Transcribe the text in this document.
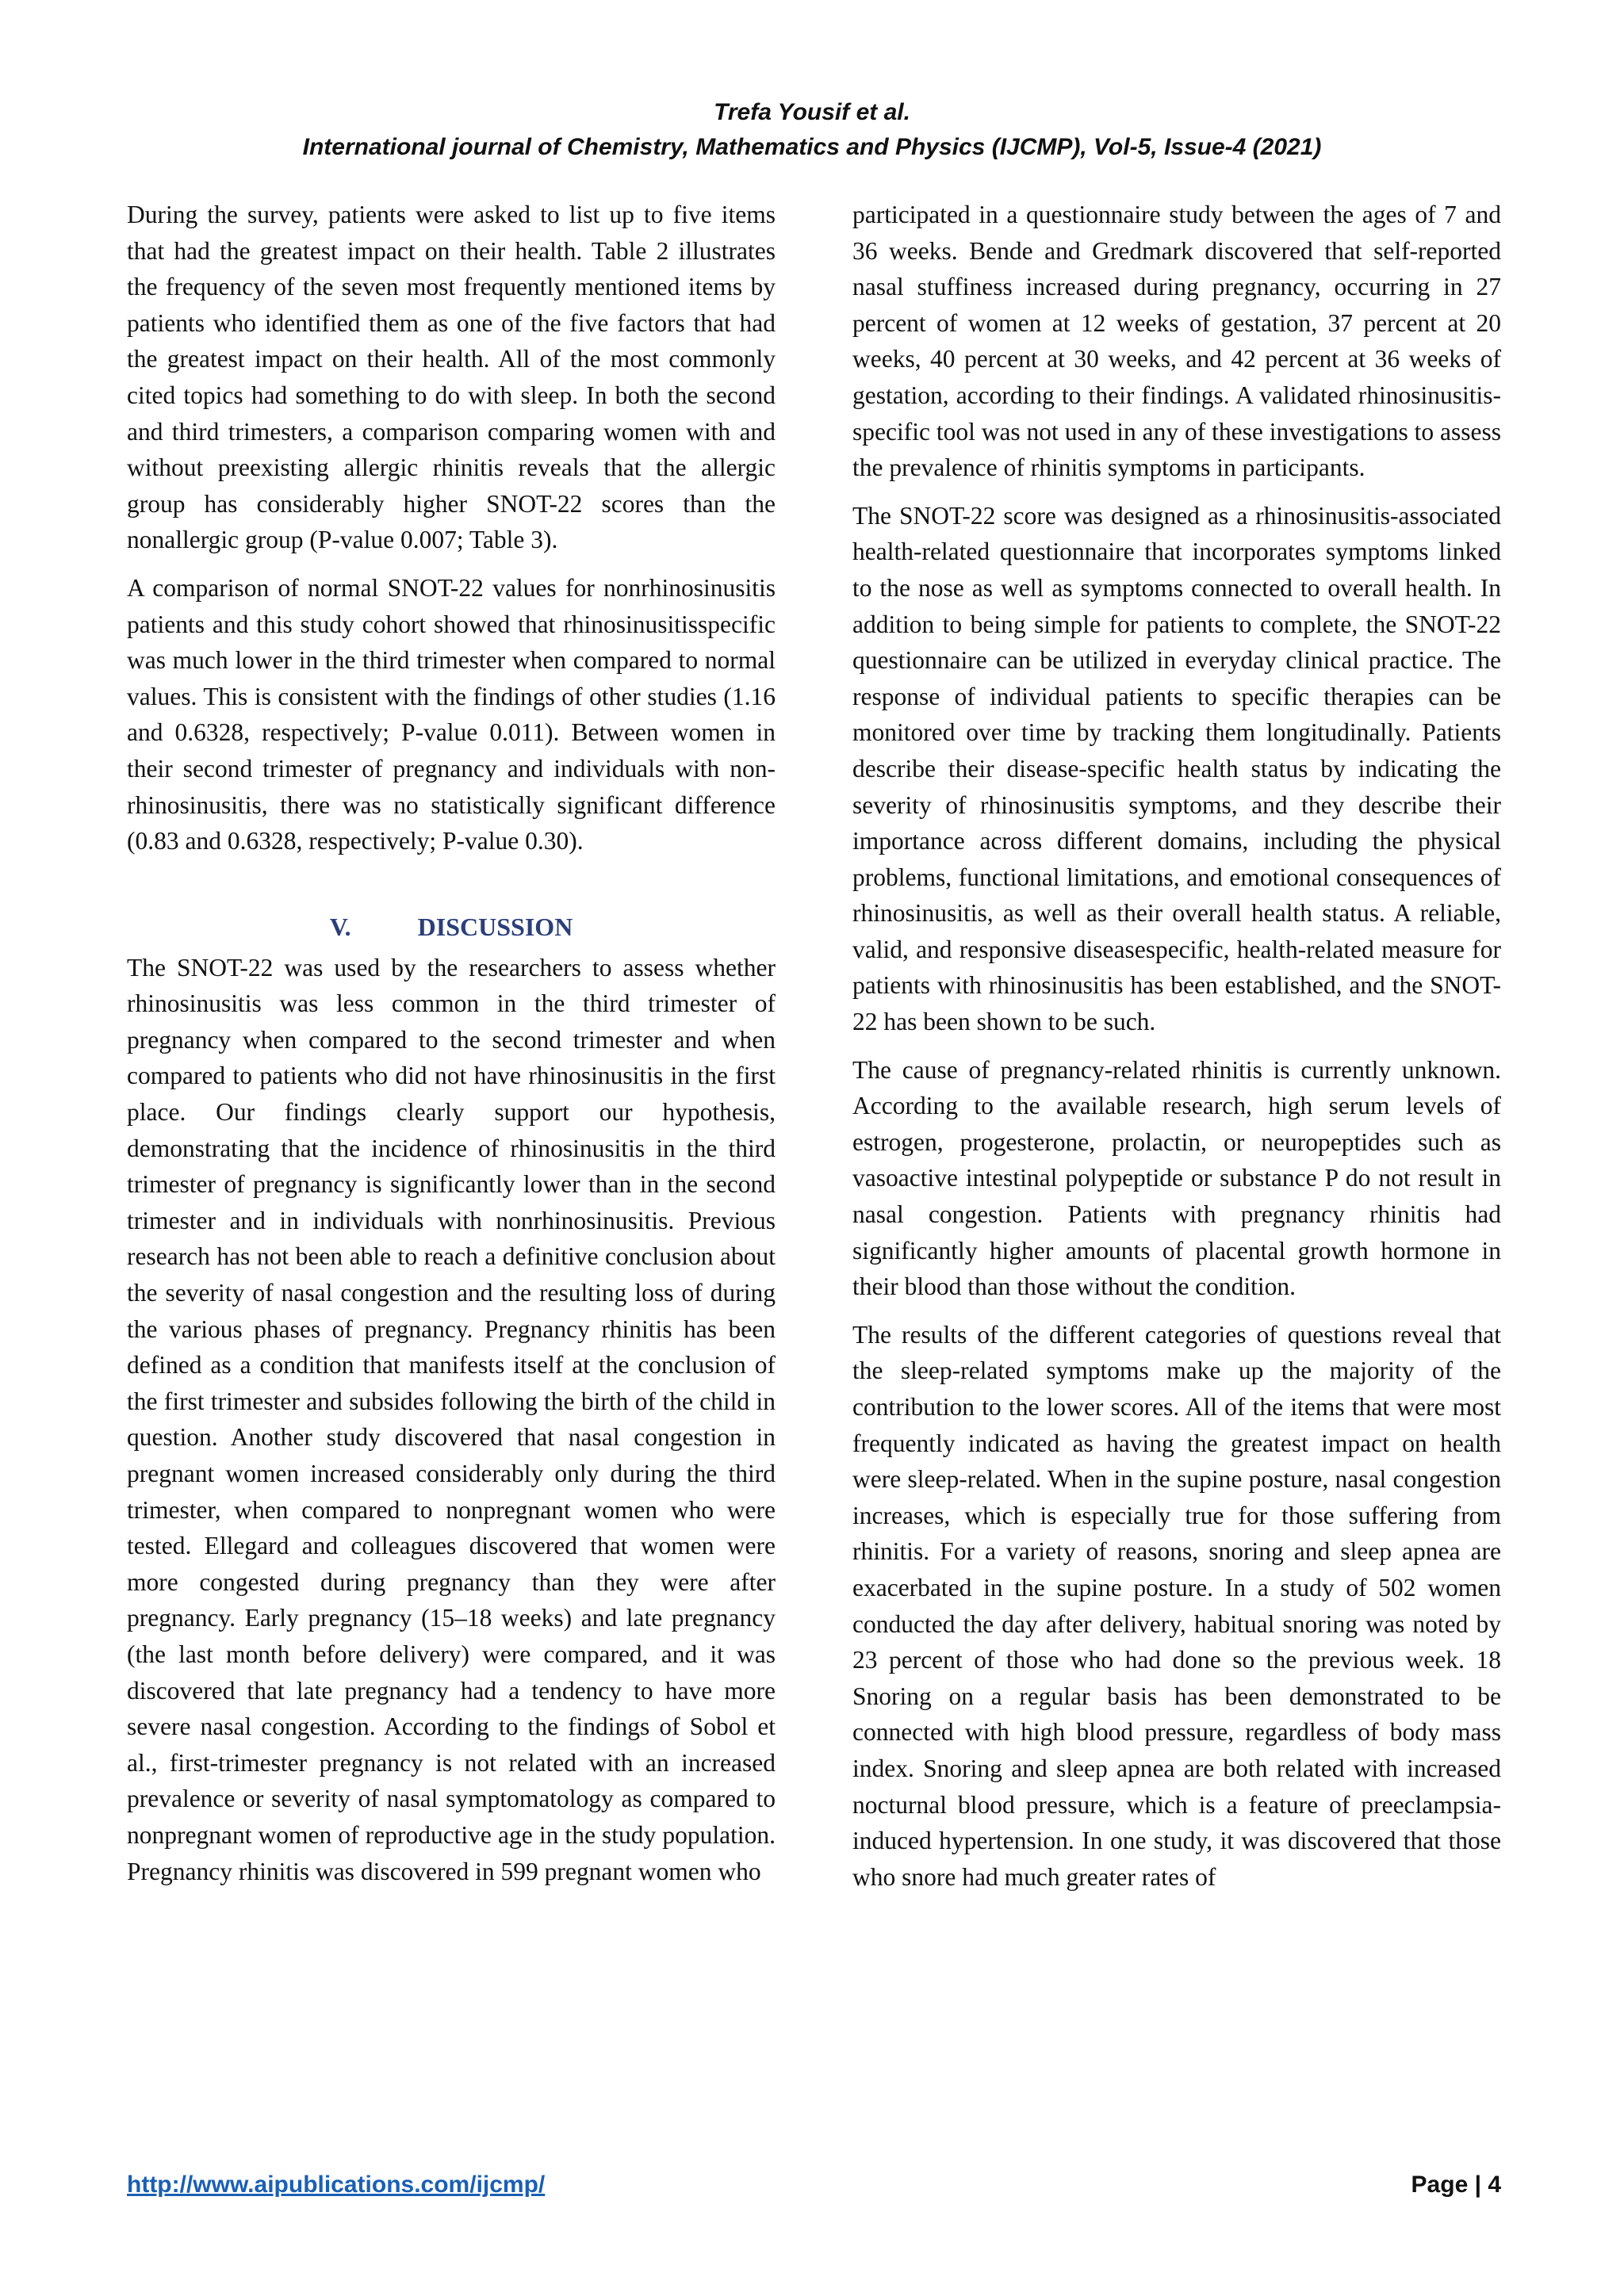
Trefa Yousif et al.
International journal of Chemistry, Mathematics and Physics (IJCMP), Vol-5, Issue-4 (2021)

During the survey, patients were asked to list up to five items that had the greatest impact on their health. Table 2 illustrates the frequency of the seven most frequently mentioned items by patients who identified them as one of the five factors that had the greatest impact on their health. All of the most commonly cited topics had something to do with sleep. In both the second and third trimesters, a comparison comparing women with and without preexisting allergic rhinitis reveals that the allergic group has considerably higher SNOT-22 scores than the nonallergic group (P-value 0.007; Table 3).

A comparison of normal SNOT-22 values for nonrhinosinusitis patients and this study cohort showed that rhinosinusitisspecific was much lower in the third trimester when compared to normal values. This is consistent with the findings of other studies (1.16 and 0.6328, respectively; P-value 0.011). Between women in their second trimester of pregnancy and individuals with non-rhinosinusitis, there was no statistically significant difference (0.83 and 0.6328, respectively; P-value 0.30).

V.	DISCUSSION

The SNOT-22 was used by the researchers to assess whether rhinosinusitis was less common in the third trimester of pregnancy when compared to the second trimester and when compared to patients who did not have rhinosinusitis in the first place. Our findings clearly support our hypothesis, demonstrating that the incidence of rhinosinusitis in the third trimester of pregnancy is significantly lower than in the second trimester and in individuals with nonrhinosinusitis. Previous research has not been able to reach a definitive conclusion about the severity of nasal congestion and the resulting loss of during the various phases of pregnancy. Pregnancy rhinitis has been defined as a condition that manifests itself at the conclusion of the first trimester and subsides following the birth of the child in question. Another study discovered that nasal congestion in pregnant women increased considerably only during the third trimester, when compared to nonpregnant women who were tested. Ellegard and colleagues discovered that women were more congested during pregnancy than they were after pregnancy. Early pregnancy (15–18 weeks) and late pregnancy (the last month before delivery) were compared, and it was discovered that late pregnancy had a tendency to have more severe nasal congestion. According to the findings of Sobol et al., first-trimester pregnancy is not related with an increased prevalence or severity of nasal symptomatology as compared to nonpregnant women of reproductive age in the study population. Pregnancy rhinitis was discovered in 599 pregnant women who

participated in a questionnaire study between the ages of 7 and 36 weeks. Bende and Gredmark discovered that self-reported nasal stuffiness increased during pregnancy, occurring in 27 percent of women at 12 weeks of gestation, 37 percent at 20 weeks, 40 percent at 30 weeks, and 42 percent at 36 weeks of gestation, according to their findings. A validated rhinosinusitis-specific tool was not used in any of these investigations to assess the prevalence of rhinitis symptoms in participants.

The SNOT-22 score was designed as a rhinosinusitis-associated health-related questionnaire that incorporates symptoms linked to the nose as well as symptoms connected to overall health. In addition to being simple for patients to complete, the SNOT-22 questionnaire can be utilized in everyday clinical practice. The response of individual patients to specific therapies can be monitored over time by tracking them longitudinally. Patients describe their disease-specific health status by indicating the severity of rhinosinusitis symptoms, and they describe their importance across different domains, including the physical problems, functional limitations, and emotional consequences of rhinosinusitis, as well as their overall health status. A reliable, valid, and responsive diseasespecific, health-related measure for patients with rhinosinusitis has been established, and the SNOT-22 has been shown to be such.

The cause of pregnancy-related rhinitis is currently unknown. According to the available research, high serum levels of estrogen, progesterone, prolactin, or neuropeptides such as vasoactive intestinal polypeptide or substance P do not result in nasal congestion. Patients with pregnancy rhinitis had significantly higher amounts of placental growth hormone in their blood than those without the condition.

The results of the different categories of questions reveal that the sleep-related symptoms make up the majority of the contribution to the lower scores. All of the items that were most frequently indicated as having the greatest impact on health were sleep-related. When in the supine posture, nasal congestion increases, which is especially true for those suffering from rhinitis. For a variety of reasons, snoring and sleep apnea are exacerbated in the supine posture. In a study of 502 women conducted the day after delivery, habitual snoring was noted by 23 percent of those who had done so the previous week. 18 Snoring on a regular basis has been demonstrated to be connected with high blood pressure, regardless of body mass index. Snoring and sleep apnea are both related with increased nocturnal blood pressure, which is a feature of preeclampsia-induced hypertension. In one study, it was discovered that those who snore had much greater rates of

http://www.aipublications.com/ijcmp/	Page | 4
